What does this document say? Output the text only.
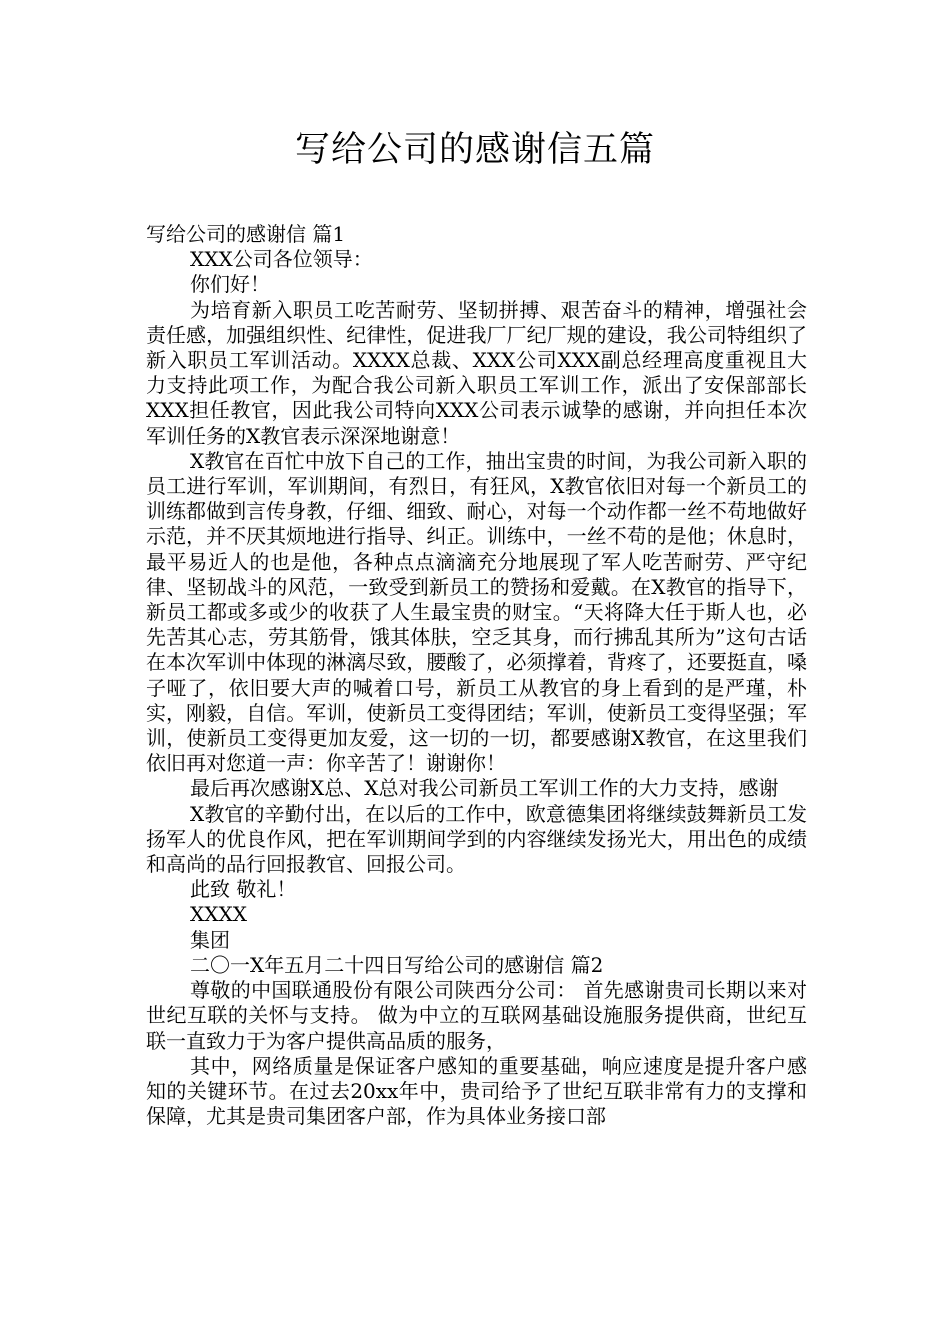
写给公司的感谢信五篇

写给公司的感谢信 篇1

XXX公司各位领导：

你们好！

为培育新入职员工吃苦耐劳、坚韧拼搏、艰苦奋斗的精神，增强社会责任感，加强组织性、纪律性，促进我厂厂纪厂规的建设，我公司特组织了新入职员工军训活动。XXXX总裁、XXX公司XXX副总经理高度重视且大力支持此项工作，为配合我公司新入职员工军训工作，派出了安保部部长XXX担任教官，因此我公司特向XXX公司表示诚挚的感谢，并向担任本次军训任务的X教官表示深深地谢意！

X教官在百忙中放下自己的工作，抽出宝贵的时间，为我公司新入职的员工进行军训，军训期间，有烈日，有狂风，X教官依旧对每一个新员工的训练都做到言传身教，仔细、细致、耐心，对每一个动作都一丝不苟地做好示范，并不厌其烦地进行指导、纠正。训练中，一丝不苟的是他；休息时，最平易近人的也是他，各种点点滴滴充分地展现了军人吃苦耐劳、严守纪律、坚韧战斗的风范，一致受到新员工的赞扬和爱戴。在X教官的指导下，新员工都或多或少的收获了人生最宝贵的财宝。“天将降大任于斯人也，必先苦其心志，劳其筋骨，饿其体肤，空乏其身，而行拂乱其所为”这句古话在本次军训中体现的淋漓尽致，腰酸了，必须撑着，背疼了，还要挺直，嗓子哑了，依旧要大声的喊着口号，新员工从教官的身上看到的是严瑾，朴实，刚毅，自信。军训，使新员工变得团结；军训，使新员工变得坚强；军训，使新员工变得更加友爱，这一切的一切，都要感谢X教官，在这里我们依旧再对您道一声：你辛苦了！谢谢你！

最后再次感谢X总、X总对我公司新员工军训工作的大力支持，感谢

X教官的辛勤付出，在以后的工作中，欧意德集团将继续鼓舞新员工发扬军人的优良作风，把在军训期间学到的内容继续发扬光大，用出色的成绩和高尚的品行回报教官、回报公司。

此致 敬礼！

XXXX

集团

二〇一X年五月二十四日写给公司的感谢信 篇2

尊敬的中国联通股份有限公司陕西分公司： 首先感谢贵司长期以来对世纪互联的关怀与支持。 做为中立的互联网基础设施服务提供商，世纪互联一直致力于为客户提供高品质的服务，

其中，网络质量是保证客户感知的重要基础，响应速度是提升客户感知的关键环节。在过去20xx年中，贵司给予了世纪互联非常有力的支撑和保障，尤其是贵司集团客户部，作为具体业务接口部
